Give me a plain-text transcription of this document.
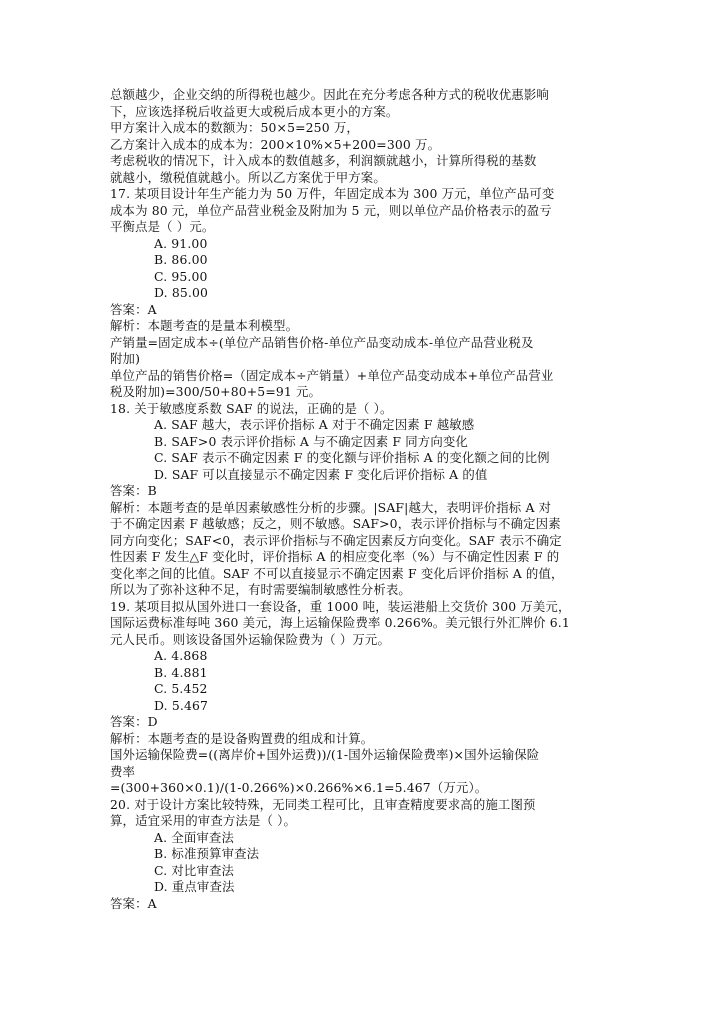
总额越少，企业交纳的所得税也越少。因此在充分考虑各种方式的税收优惠影响
下，应该选择税后收益更大或税后成本更小的方案。
甲方案计入成本的数额为：50×5=250 万，
乙方案计入成本的成本为：200×10%×5+200=300 万。
考虑税收的情况下，计入成本的数值越多，利润额就越小，计算所得税的基数
就越小，缴税值就越小。所以乙方案优于甲方案。
17. 某项目设计年生产能力为 50 万件，年固定成本为 300 万元，单位产品可变
成本为 80 元，单位产品营业税金及附加为 5 元，则以单位产品价格表示的盈亏
平衡点是（ ）元。
A. 91.00
B. 86.00
C. 95.00
D. 85.00
答案：A
解析：本题考查的是量本利模型。
产销量=固定成本÷(单位产品销售价格-单位产品变动成本-单位产品营业税及
附加)
单位产品的销售价格=（固定成本÷产销量）+单位产品变动成本+单位产品营业
税及附加)=300/50+80+5=91 元。
18. 关于敏感度系数 SAF 的说法，正确的是（ ）。
A. SAF 越大，表示评价指标 A 对于不确定因素 F 越敏感
B. SAF>0 表示评价指标 A 与不确定因素 F 同方向变化
C. SAF 表示不确定因素 F 的变化额与评价指标 A 的变化额之间的比例
D. SAF 可以直接显示不确定因素 F 变化后评价指标 A 的值
答案：B
解析：本题考查的是单因素敏感性分析的步骤。|SAF|越大，表明评价指标 A 对
于不确定因素 F 越敏感；反之，则不敏感。SAF>0，表示评价指标与不确定因素
同方向变化；SAF<0，表示评价指标与不确定因素反方向变化。SAF 表示不确定
性因素 F 发生△F 变化时，评价指标 A 的相应变化率（%）与不确定性因素 F 的
变化率之间的比值。SAF 不可以直接显示不确定因素 F 变化后评价指标 A 的值，
所以为了弥补这种不足，有时需要编制敏感性分析表。
19. 某项目拟从国外进口一套设备，重 1000 吨，装运港船上交货价 300 万美元，
国际运费标准每吨 360 美元，海上运输保险费率 0.266%。美元银行外汇牌价 6.1
元人民币。则该设备国外运输保险费为（ ）万元。
A. 4.868
B. 4.881
C. 5.452
D. 5.467
答案：D
解析：本题考查的是设备购置费的组成和计算。
国外运输保险费=((离岸价+国外运费))/(1-国外运输保险费率)×国外运输保险
费率
=(300+360×0.1)/(1-0.266%)×0.266%×6.1=5.467（万元）。
20. 对于设计方案比较特殊，无同类工程可比，且审查精度要求高的施工图预
算，适宜采用的审查方法是（ ）。
A. 全面审查法
B. 标准预算审查法
C. 对比审查法
D. 重点审查法
答案：A
